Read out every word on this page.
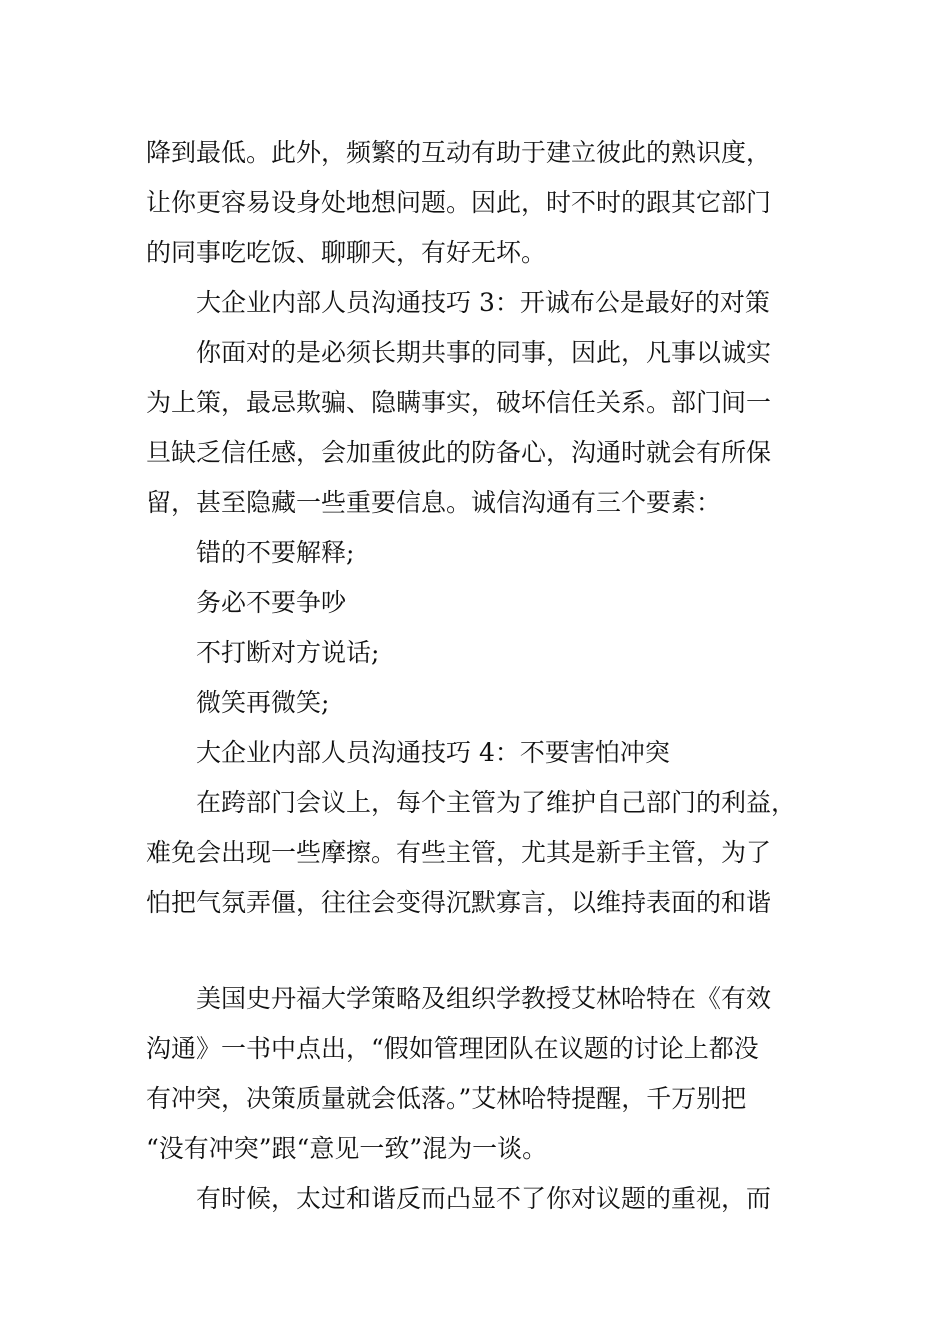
降到最低。此外，频繁的互动有助于建立彼此的熟识度，
让你更容易设身处地想问题。因此，时不时的跟其它部门
的同事吃吃饭、聊聊天，有好无坏。
大企业内部人员沟通技巧 3：开诚布公是最好的对策
你面对的是必须长期共事的同事，因此，凡事以诚实
为上策，最忌欺骗、隐瞒事实，破坏信任关系。部门间一
旦缺乏信任感，会加重彼此的防备心，沟通时就会有所保
留，甚至隐藏一些重要信息。诚信沟通有三个要素：
错的不要解释;
务必不要争吵
不打断对方说话;
微笑再微笑;
大企业内部人员沟通技巧 4：不要害怕冲突
在跨部门会议上，每个主管为了维护自己部门的利益，
难免会出现一些摩擦。有些主管，尤其是新手主管，为了
怕把气氛弄僵，往往会变得沉默寡言，以维持表面的和谐
美国史丹福大学策略及组织学教授艾林哈特在《有效
沟通》一书中点出，“假如管理团队在议题的讨论上都没
有冲突，决策质量就会低落。”艾林哈特提醒，千万别把
“没有冲突”跟“意见一致”混为一谈。
有时候，太过和谐反而凸显不了你对议题的重视，而
